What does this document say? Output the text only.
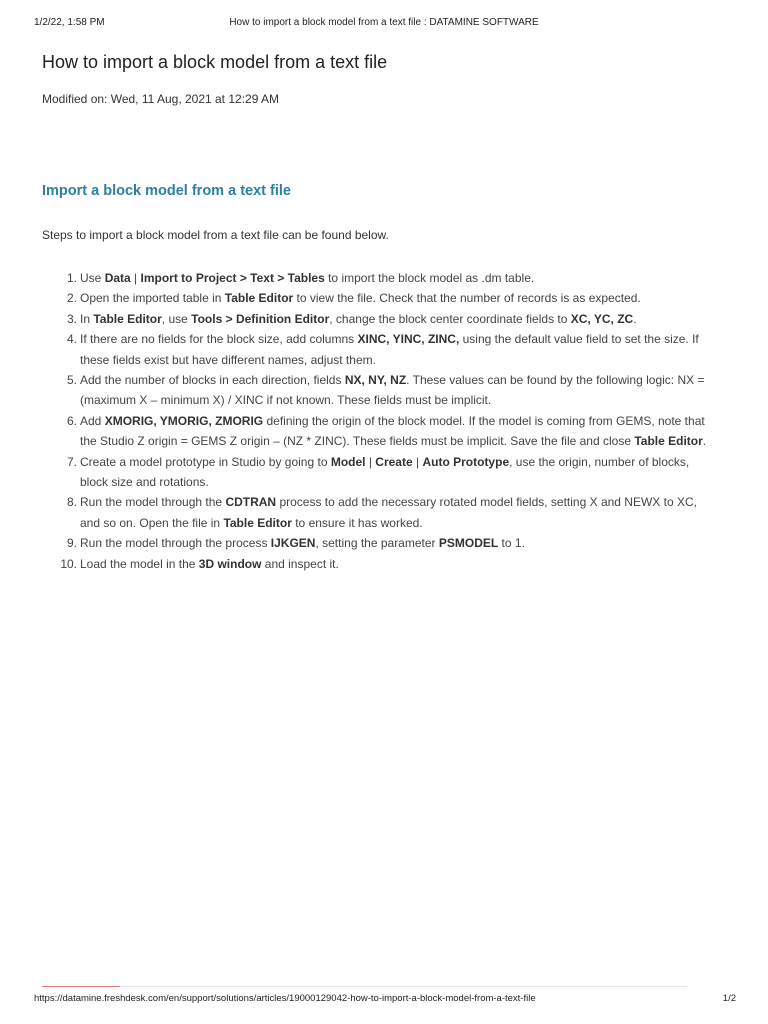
1/2/22, 1:58 PM	How to import a block model from a text file : DATAMINE SOFTWARE
How to import a block model from a text file
Modified on: Wed, 11 Aug, 2021 at 12:29 AM
Import a block model from a text file
Steps to import a block model from a text file can be found below.
1. Use Data | Import to Project > Text > Tables to import the block model as .dm table.
2. Open the imported table in Table Editor to view the file. Check that the number of records is as expected.
3. In Table Editor, use Tools > Definition Editor, change the block center coordinate fields to XC, YC, ZC.
4. If there are no fields for the block size, add columns XINC, YINC, ZINC, using the default value field to set the size. If these fields exist but have different names, adjust them.
5. Add the number of blocks in each direction, fields NX, NY, NZ. These values can be found by the following logic: NX = (maximum X – minimum X) / XINC if not known. These fields must be implicit.
6. Add XMORIG, YMORIG, ZMORIG defining the origin of the block model. If the model is coming from GEMS, note that the Studio Z origin = GEMS Z origin – (NZ * ZINC). These fields must be implicit. Save the file and close Table Editor.
7. Create a model prototype in Studio by going to Model | Create | Auto Prototype, use the origin, number of blocks, block size and rotations.
8. Run the model through the CDTRAN process to add the necessary rotated model fields, setting X and NEWX to XC, and so on. Open the file in Table Editor to ensure it has worked.
9. Run the model through the process IJKGEN, setting the parameter PSMODEL to 1.
10. Load the model in the 3D window and inspect it.
https://datamine.freshdesk.com/en/support/solutions/articles/19000129042-how-to-import-a-block-model-from-a-text-file	1/2
